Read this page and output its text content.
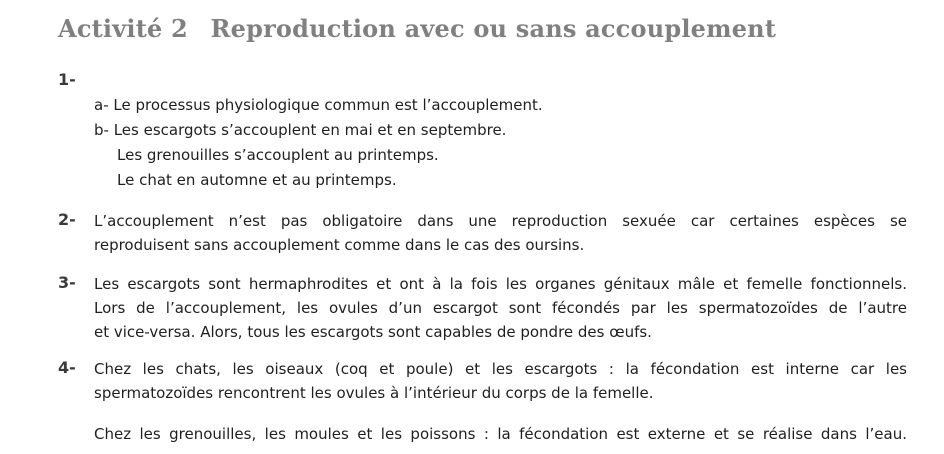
Activité 2 Reproduction avec ou sans accouplement
1-
a- Le processus physiologique commun est l’accouplement.
b- Les escargots s’accouplent en mai et en septembre.
Les grenouilles s’accouplent au printemps.
Le chat en automne et au printemps.
2- L’accouplement n’est pas obligatoire dans une reproduction sexuée car certaines espèces se
reproduisent sans accouplement comme dans le cas des oursins.
3- Les escargots sont hermaphrodites et ont à la fois les organes génitaux mâle et femelle fonctionnels.
Lors de l’accouplement, les ovules d’un escargot sont fécondés par les spermatozoïdes de l’autre
et vice-versa. Alors, tous les escargots sont capables de pondre des œufs.
4- Chez les chats, les oiseaux (coq et poule) et les escargots : la fécondation est interne car les
spermatozoïdes rencontrent les ovules à l’intérieur du corps de la femelle.
Chez les grenouilles, les moules et les poissons : la fécondation est externe et se réalise dans l’eau.
